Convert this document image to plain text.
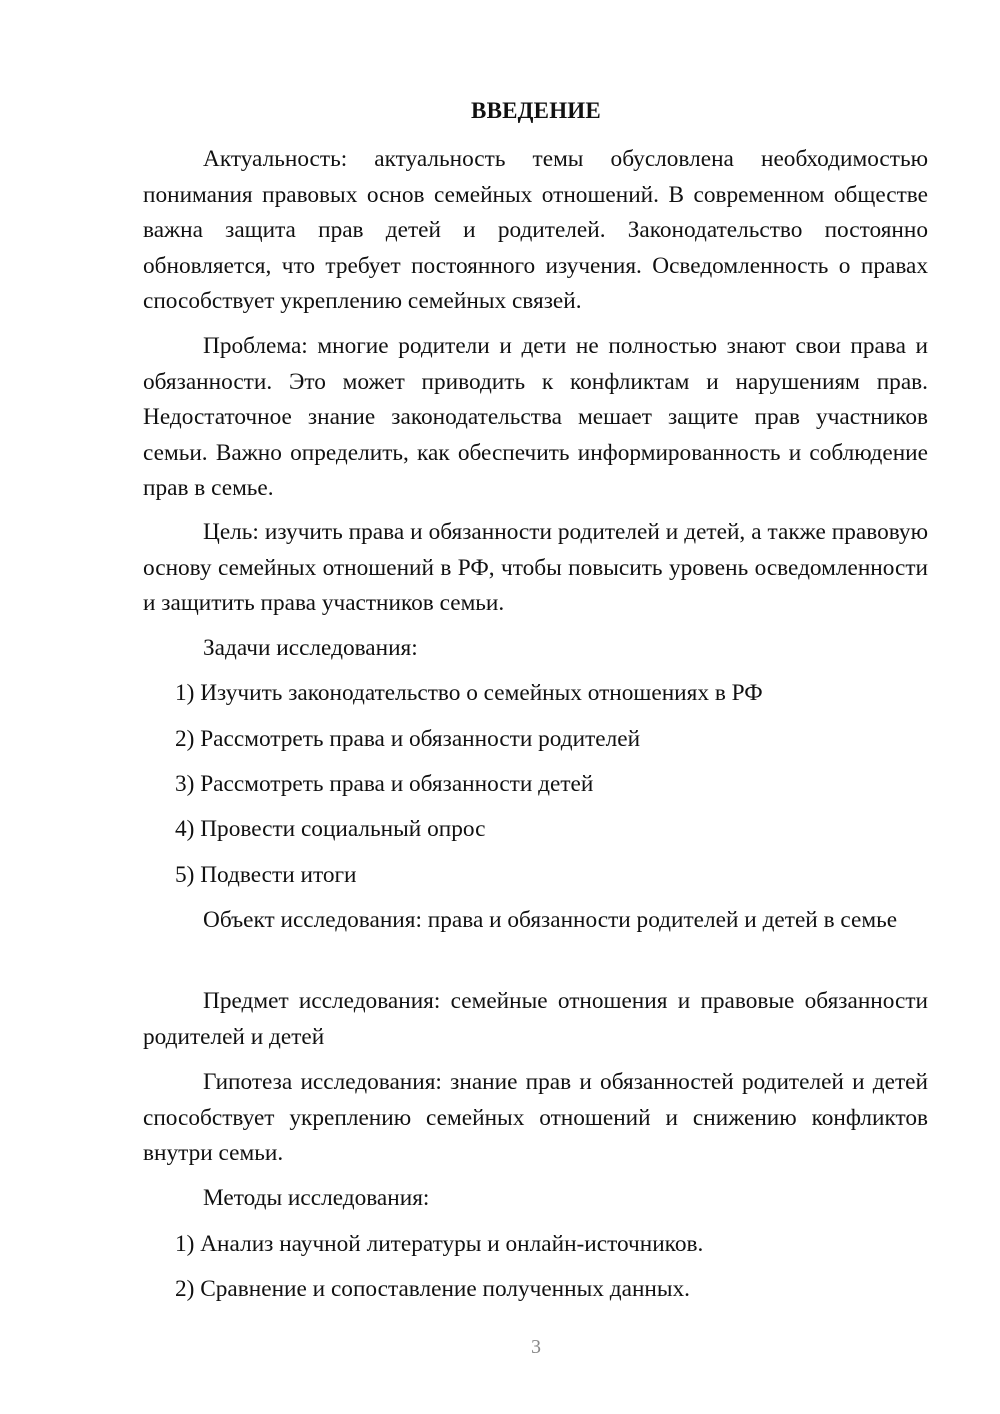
ВВЕДЕНИЕ

Актуальность: актуальность темы обусловлена необходимостью понимания правовых основ семейных отношений. В современном обществе важна защита прав детей и родителей. Законодательство постоянно обновляется, что требует постоянного изучения. Осведомленность о правах способствует укреплению семейных связей.

Проблема: многие родители и дети не полностью знают свои права и обязанности. Это может приводить к конфликтам и нарушениям прав. Недостаточное знание законодательства мешает защите прав участников семьи. Важно определить, как обеспечить информированность и соблюдение прав в семье.

Цель: изучить права и обязанности родителей и детей, а также правовую основу семейных отношений в РФ, чтобы повысить уровень осведомленности и защитить права участников семьи.

Задачи исследования:

1) Изучить законодательство о семейных отношениях в РФ

2) Рассмотреть права и обязанности родителей

3) Рассмотреть права и обязанности детей

4) Провести социальный опрос

5) Подвести итоги

Объект исследования: права и обязанности родителей и детей в семье

Предмет исследования: семейные отношения и правовые обязанности родителей и детей

Гипотеза исследования: знание прав и обязанностей родителей и детей способствует укреплению семейных отношений и снижению конфликтов внутри семьи.

Методы исследования:

1) Анализ научной литературы и онлайн-источников.

2) Сравнение и сопоставление полученных данных.

3
